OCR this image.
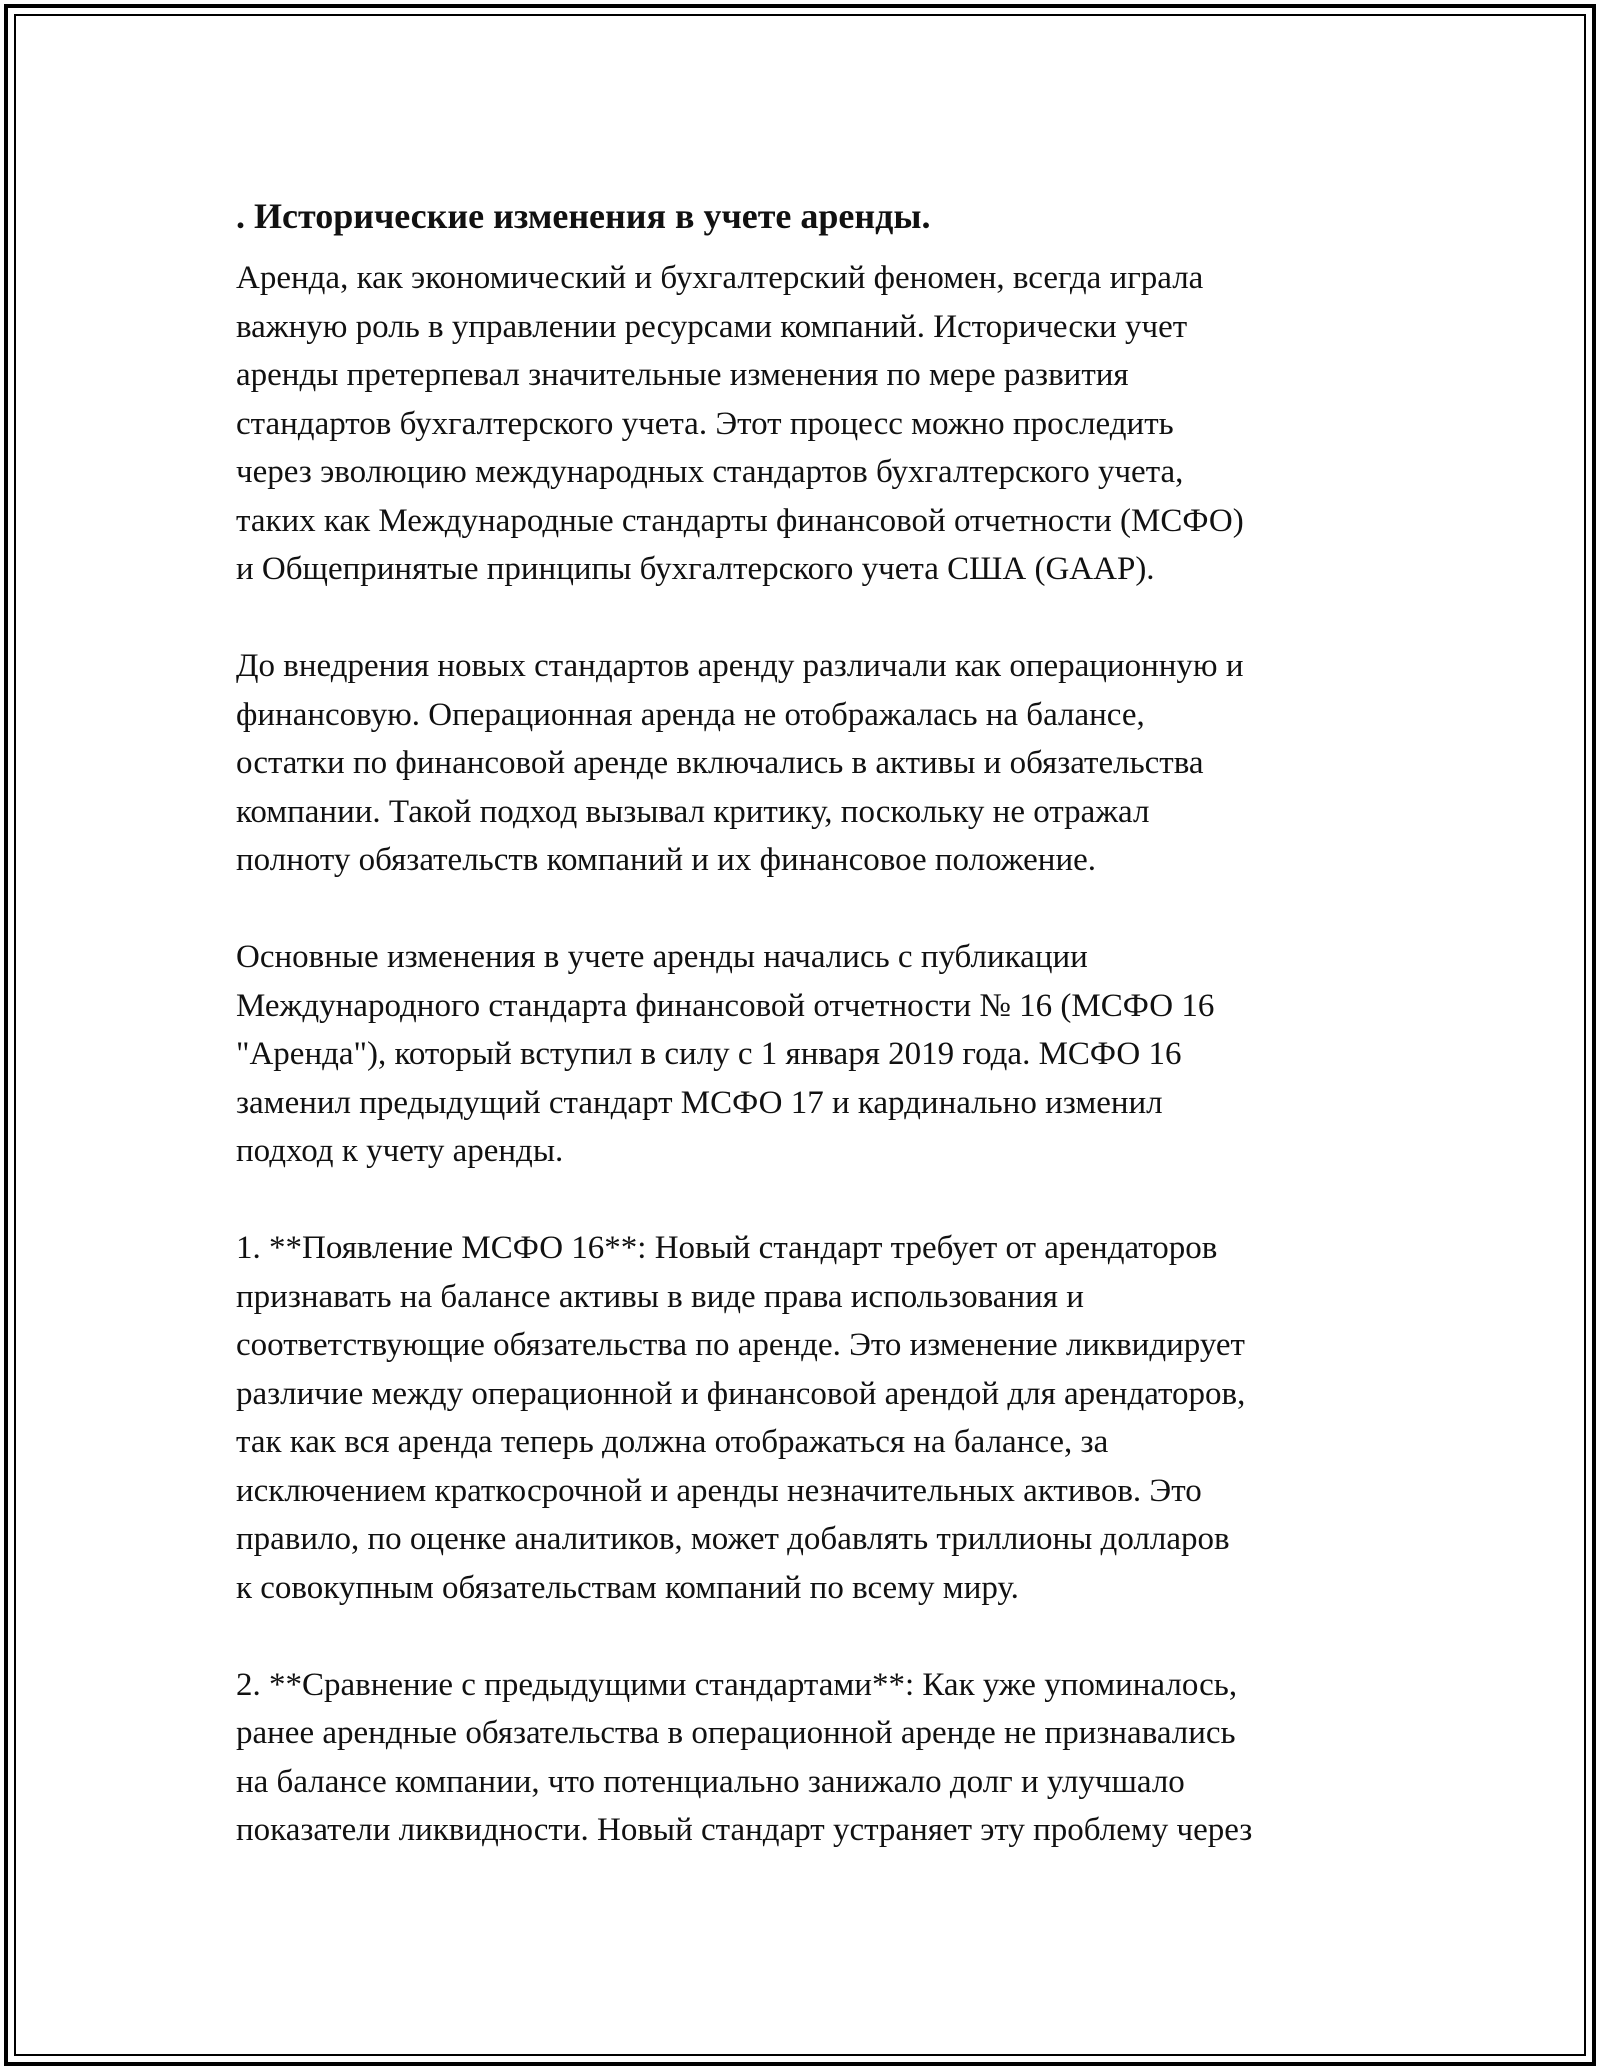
. Исторические изменения в учете аренды.
Аренда, как экономический и бухгалтерский феномен, всегда играла
важную роль в управлении ресурсами компаний. Исторически учет
аренды претерпевал значительные изменения по мере развития
стандартов бухгалтерского учета. Этот процесс можно проследить
через эволюцию международных стандартов бухгалтерского учета,
таких как Международные стандарты финансовой отчетности (МСФО)
и Общепринятые принципы бухгалтерского учета США (GAAP).
До внедрения новых стандартов аренду различали как операционную и
финансовую. Операционная аренда не отображалась на балансе,
остатки по финансовой аренде включались в активы и обязательства
компании. Такой подход вызывал критику, поскольку не отражал
полноту обязательств компаний и их финансовое положение.
Основные изменения в учете аренды начались с публикации
Международного стандарта финансовой отчетности № 16 (МСФО 16
"Аренда"), который вступил в силу с 1 января 2019 года. МСФО 16
заменил предыдущий стандарт МСФО 17 и кардинально изменил
подход к учету аренды.
1. **Появление МСФО 16**: Новый стандарт требует от арендаторов
признавать на балансе активы в виде права использования и
соответствующие обязательства по аренде. Это изменение ликвидирует
различие между операционной и финансовой арендой для арендаторов,
так как вся аренда теперь должна отображаться на балансе, за
исключением краткосрочной и аренды незначительных активов. Это
правило, по оценке аналитиков, может добавлять триллионы долларов
к совокупным обязательствам компаний по всему миру.
2. **Сравнение с предыдущими стандартами**: Как уже упоминалось,
ранее арендные обязательства в операционной аренде не признавались
на балансе компании, что потенциально занижало долг и улучшало
показатели ликвидности. Новый стандарт устраняет эту проблему через
